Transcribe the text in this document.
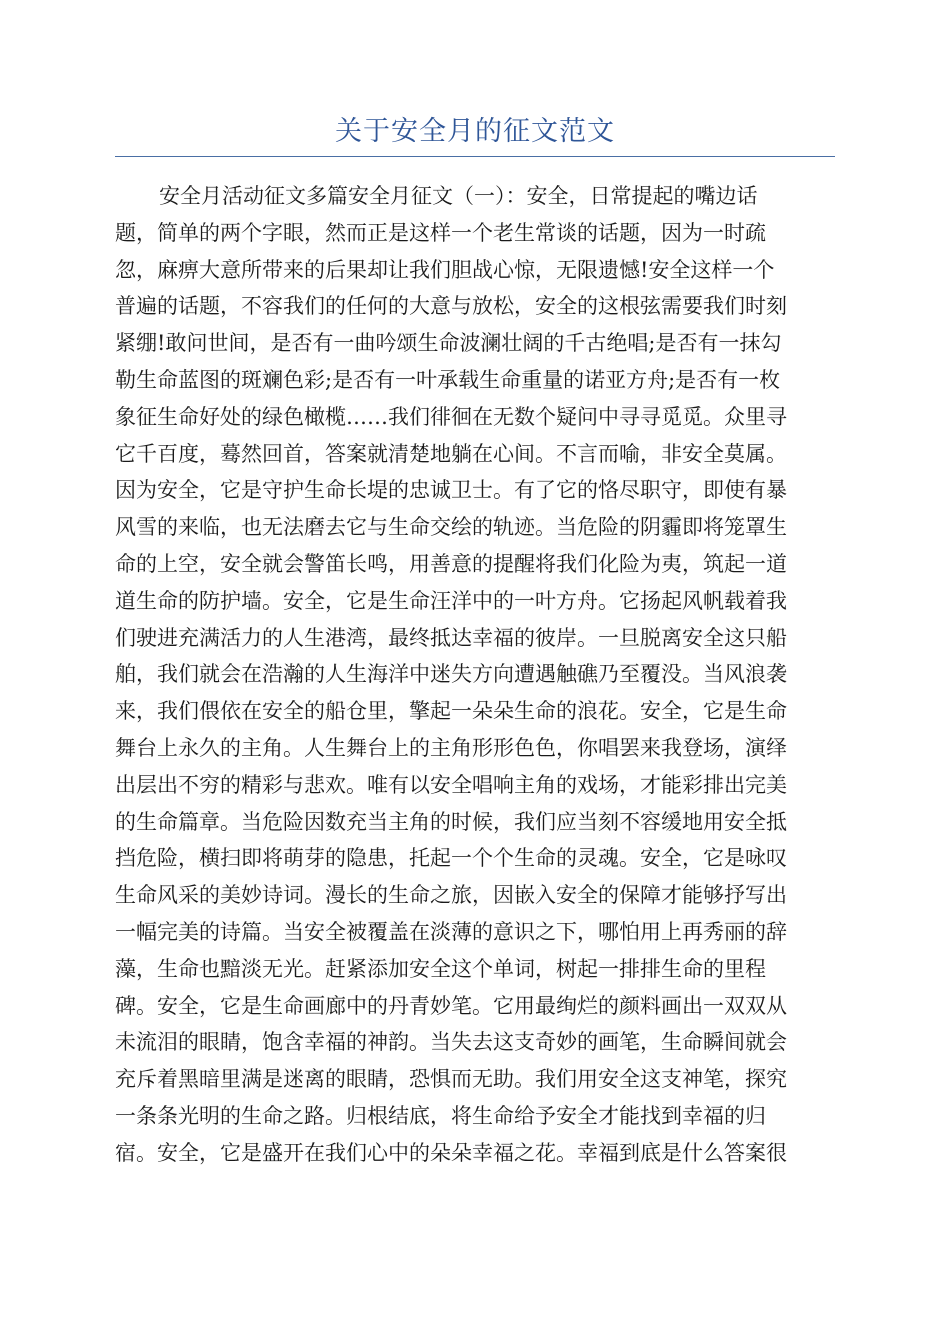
关于安全月的征文范文
安全月活动征文多篇安全月征文（一）：安全，日常提起的嘴边话
题，简单的两个字眼，然而正是这样一个老生常谈的话题，因为一时疏
忽，麻痹大意所带来的后果却让我们胆战心惊，无限遗憾!安全这样一个
普遍的话题，不容我们的任何的大意与放松，安全的这根弦需要我们时刻
紧绷!敢问世间，是否有一曲吟颂生命波澜壮阔的千古绝唱;是否有一抹勾
勒生命蓝图的斑斓色彩;是否有一叶承载生命重量的诺亚方舟;是否有一枚
象征生命好处的绿色橄榄……我们徘徊在无数个疑问中寻寻觅觅。众里寻
它千百度，蓦然回首，答案就清楚地躺在心间。不言而喻，非安全莫属。
因为安全，它是守护生命长堤的忠诚卫士。有了它的恪尽职守，即使有暴
风雪的来临，也无法磨去它与生命交绘的轨迹。当危险的阴霾即将笼罩生
命的上空，安全就会警笛长鸣，用善意的提醒将我们化险为夷，筑起一道
道生命的防护墙。安全，它是生命汪洋中的一叶方舟。它扬起风帆载着我
们驶进充满活力的人生港湾，最终抵达幸福的彼岸。一旦脱离安全这只船
舶，我们就会在浩瀚的人生海洋中迷失方向遭遇触礁乃至覆没。当风浪袭
来，我们偎依在安全的船仓里，擎起一朵朵生命的浪花。安全，它是生命
舞台上永久的主角。人生舞台上的主角形形色色，你唱罢来我登场，演绎
出层出不穷的精彩与悲欢。唯有以安全唱响主角的戏场，才能彩排出完美
的生命篇章。当危险因数充当主角的时候，我们应当刻不容缓地用安全抵
挡危险，横扫即将萌芽的隐患，托起一个个生命的灵魂。安全，它是咏叹
生命风采的美妙诗词。漫长的生命之旅，因嵌入安全的保障才能够抒写出
一幅完美的诗篇。当安全被覆盖在淡薄的意识之下，哪怕用上再秀丽的辞
藻，生命也黯淡无光。赶紧添加安全这个单词，树起一排排生命的里程
碑。安全，它是生命画廊中的丹青妙笔。它用最绚烂的颜料画出一双双从
未流泪的眼睛，饱含幸福的神韵。当失去这支奇妙的画笔，生命瞬间就会
充斥着黑暗里满是迷离的眼睛，恐惧而无助。我们用安全这支神笔，探究
一条条光明的生命之路。归根结底，将生命给予安全才能找到幸福的归
宿。安全，它是盛开在我们心中的朵朵幸福之花。幸福到底是什么答案很
